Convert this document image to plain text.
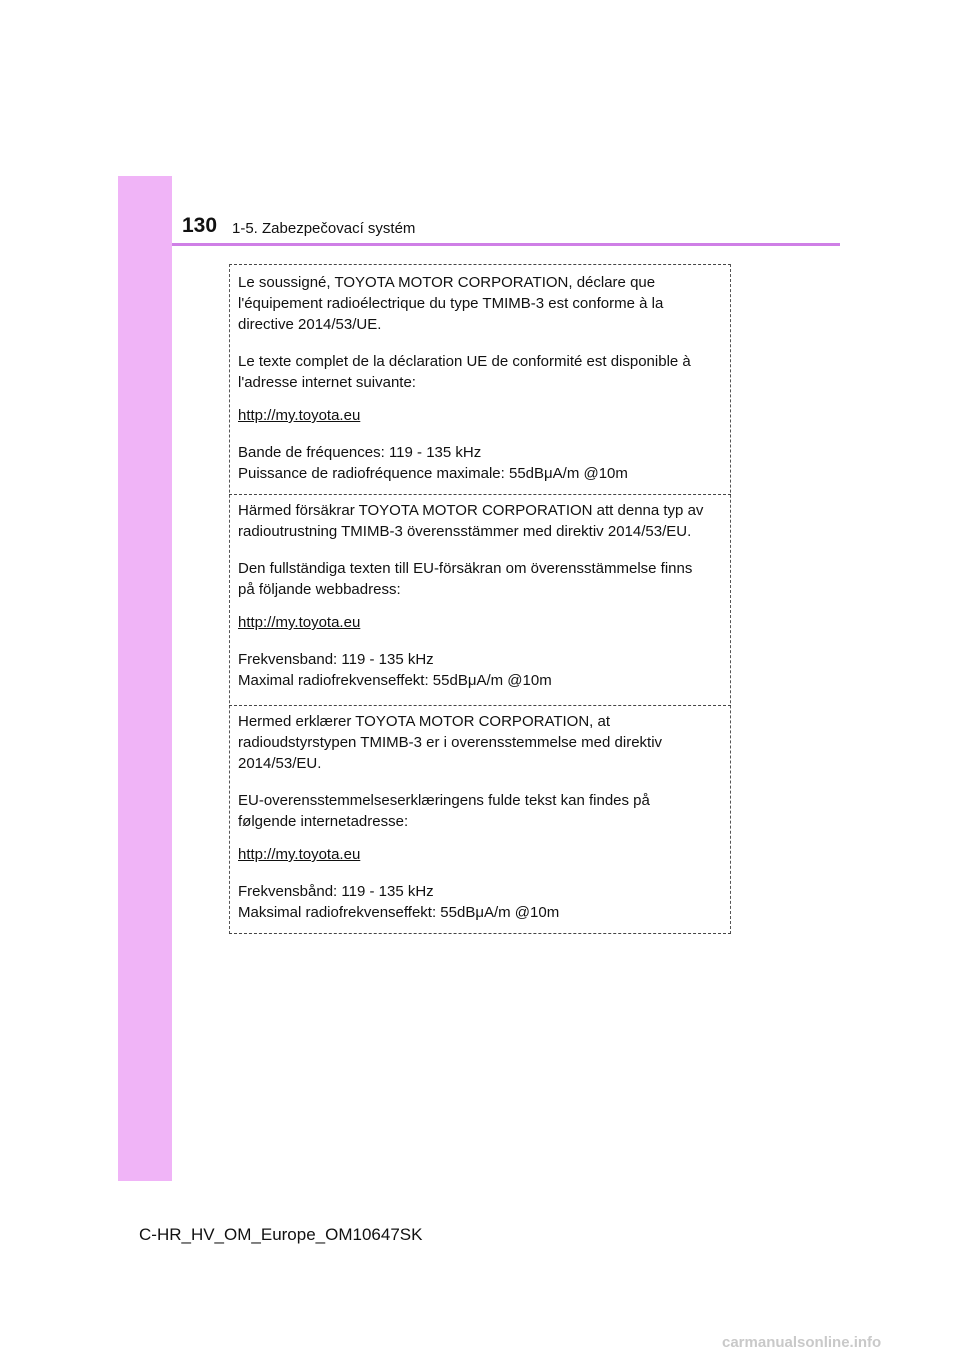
130 1-5. Zabezpečovací systém

Le soussigné, TOYOTA MOTOR CORPORATION, déclare que l'équipement radioélectrique du type TMIMB-3 est conforme à la directive 2014/53/UE.

Le texte complet de la déclaration UE de conformité est disponible à l'adresse internet suivante:

http://my.toyota.eu

Bande de fréquences: 119 - 135 kHz
Puissance de radiofréquence maximale: 55dBμA/m @10m

Härmed försäkrar TOYOTA MOTOR CORPORATION att denna typ av radioutrustning TMIMB-3 överensstämmer med direktiv 2014/53/EU.

Den fullständiga texten till EU-försäkran om överensstämmelse finns på följande webbadress:

http://my.toyota.eu

Frekvensband: 119 - 135 kHz
Maximal radiofrekvenseffekt: 55dBμA/m @10m

Hermed erklærer TOYOTA MOTOR CORPORATION, at radioudstyrstypen TMIMB-3 er i overensstemmelse med direktiv 2014/53/EU.

EU-overensstemmelseserklæringens fulde tekst kan findes på følgende internetadresse:

http://my.toyota.eu

Frekvensbånd: 119 - 135 kHz
Maksimal radiofrekvenseffekt: 55dBμA/m @10m
C-HR_HV_OM_Europe_OM10647SK
carmanualsonline.info
